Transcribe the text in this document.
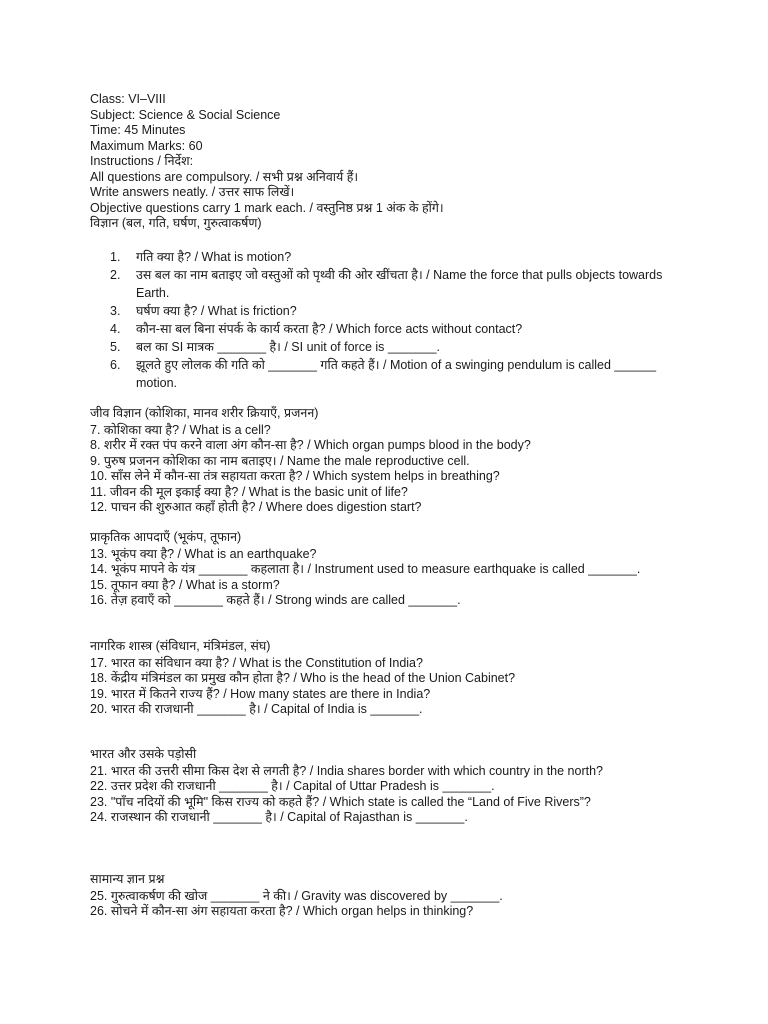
Class: VI–VIII
Subject: Science & Social Science
Time: 45 Minutes
Maximum Marks: 60
Instructions / निर्देश:
All questions are compulsory. / सभी प्रश्न अनिवार्य हैं।
Write answers neatly. / उत्तर साफ लिखें।
Objective questions carry 1 mark each. / वस्तुनिष्ठ प्रश्न 1 अंक के होंगे।
विज्ञान (बल, गति, घर्षण, गुरुत्वाकर्षण)
1. गति क्या है? / What is motion?
2. उस बल का नाम बताइए जो वस्तुओं को पृथ्वी की ओर खींचता है। / Name the force that pulls objects towards Earth.
3. घर्षण क्या है? / What is friction?
4. कौन-सा बल बिना संपर्क के कार्य करता है? / Which force acts without contact?
5. बल का SI मात्रक _______ है। / SI unit of force is _______.
6. झूलते हुए लोलक की गति को _______ गति कहते हैं। / Motion of a swinging pendulum is called ______ motion.
जीव विज्ञान (कोशिका, मानव शरीर क्रियाएँ, प्रजनन)
7. कोशिका क्या है? / What is a cell?
8. शरीर में रक्त पंप करने वाला अंग कौन-सा है? / Which organ pumps blood in the body?
9. पुरुष प्रजनन कोशिका का नाम बताइए। / Name the male reproductive cell.
10. साँस लेने में कौन-सा तंत्र सहायता करता है? / Which system helps in breathing?
11. जीवन की मूल इकाई क्या है? / What is the basic unit of life?
12. पाचन की शुरुआत कहाँ होती है? / Where does digestion start?
प्राकृतिक आपदाएँ (भूकंप, तूफान)
13. भूकंप क्या है? / What is an earthquake?
14. भूकंप मापने के यंत्र _______ कहलाता है। / Instrument used to measure earthquake is called _______.
15. तूफान क्या है? / What is a storm?
16. तेज़ हवाएँ को _______ कहते हैं। / Strong winds are called _______.
नागरिक शास्त्र (संविधान, मंत्रिमंडल, संघ)
17. भारत का संविधान क्या है? / What is the Constitution of India?
18. केंद्रीय मंत्रिमंडल का प्रमुख कौन होता है? / Who is the head of the Union Cabinet?
19. भारत में कितने राज्य हैं? / How many states are there in India?
20. भारत की राजधानी _______ है। / Capital of India is _______.
भारत और उसके पड़ोसी
21. भारत की उत्तरी सीमा किस देश से लगती है? / India shares border with which country in the north?
22. उत्तर प्रदेश की राजधानी _______ है। / Capital of Uttar Pradesh is _______.
23. "पाँच नदियों की भूमि" किस राज्य को कहते हैं? / Which state is called the “Land of Five Rivers”?
24. राजस्थान की राजधानी _______ है। / Capital of Rajasthan is _______.
सामान्य ज्ञान प्रश्न
25. गुरुत्वाकर्षण की खोज _______ ने की। / Gravity was discovered by _______.
26. सोचने में कौन-सा अंग सहायता करता है? / Which organ helps in thinking?
